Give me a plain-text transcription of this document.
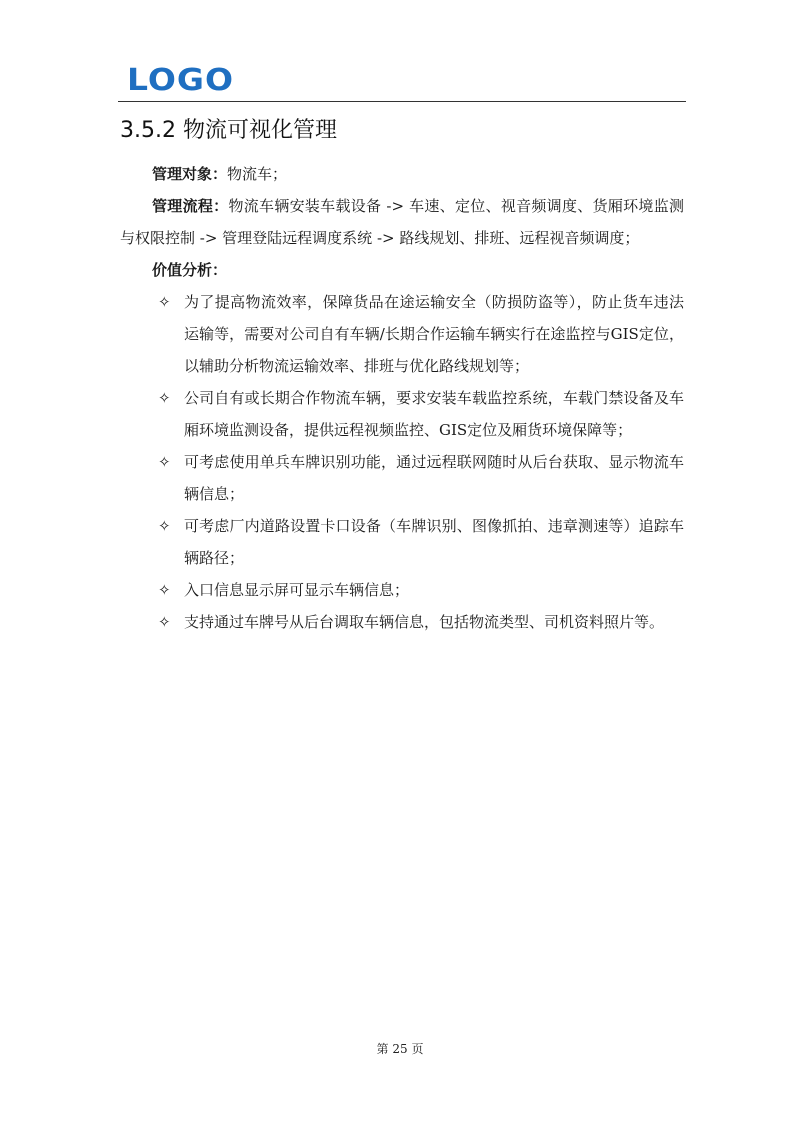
LOGO
3.5.2 物流可视化管理

管理对象：物流车；

管理流程：物流车辆安装车载设备 -> 车速、定位、视音频调度、货厢环境监测与权限控制 -> 管理登陆远程调度系统 -> 路线规划、排班、远程视音频调度；

价值分析：

✧ 为了提高物流效率，保障货品在途运输安全（防损防盗等），防止货车违法运输等，需要对公司自有车辆/长期合作运输车辆实行在途监控与GIS定位，以辅助分析物流运输效率、排班与优化路线规划等；
✧ 公司自有或长期合作物流车辆，要求安装车载监控系统，车载门禁设备及车厢环境监测设备，提供远程视频监控、GIS定位及厢货环境保障等；
✧ 可考虑使用单兵车牌识别功能，通过远程联网随时从后台获取、显示物流车辆信息；
✧ 可考虑厂内道路设置卡口设备（车牌识别、图像抓拍、违章测速等）追踪车辆路径；
✧ 入口信息显示屏可显示车辆信息；
✧ 支持通过车牌号从后台调取车辆信息，包括物流类型、司机资料照片等。
第 25 页
